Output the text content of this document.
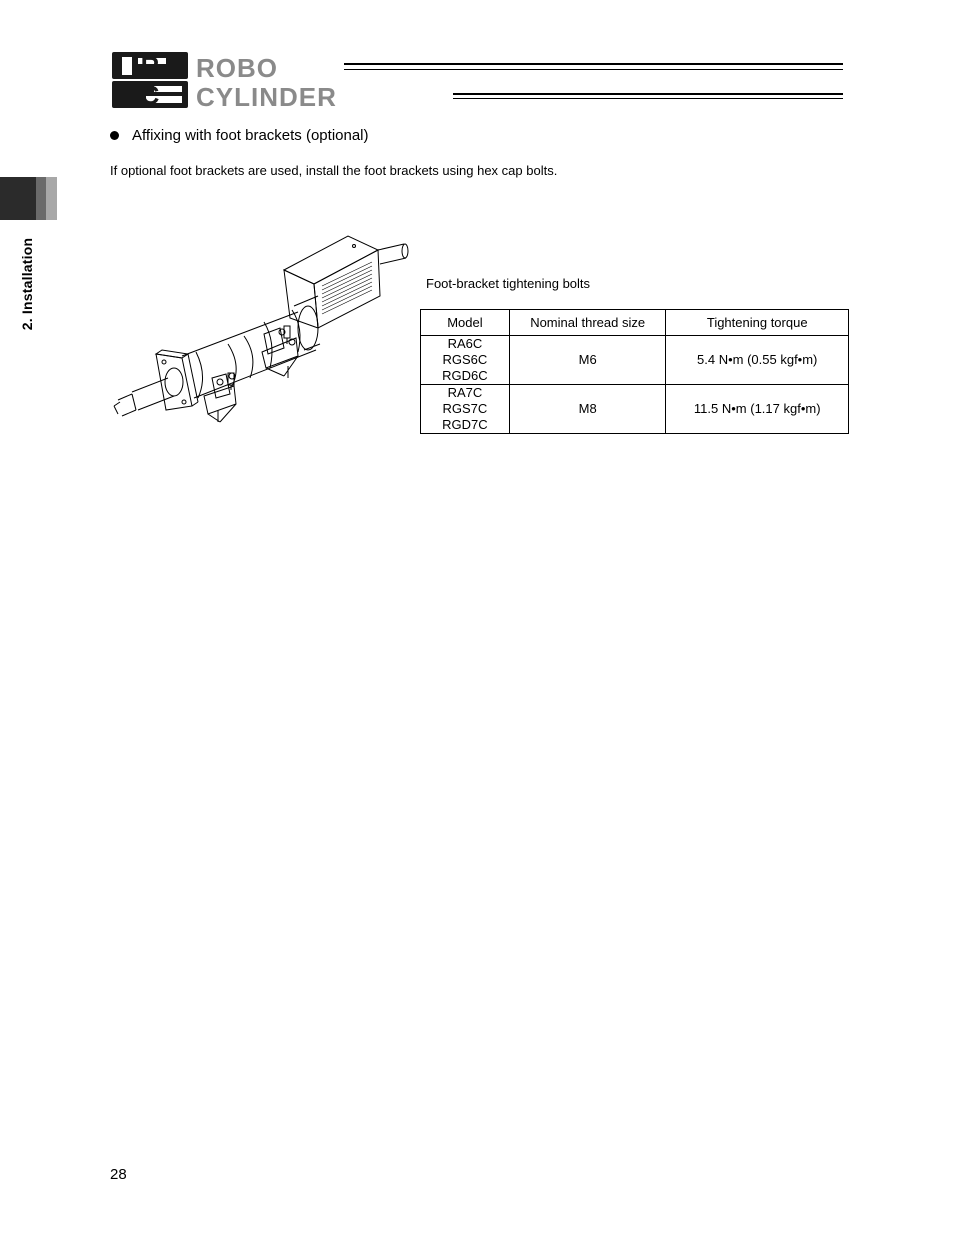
R
C
ROBO
CYLINDER
2. Installation
Affixing with foot brackets (optional)
If optional foot brackets are used, install the foot brackets using hex cap bolts.
Foot-bracket tightening bolts
Model	Nominal thread size	Tightening torque

RA6C
RGS6C
RGD6C	M6	5.4 N•m (0.55 kgf•m)

RA7C
RGS7C
RGD7C	M8	11.5 N•m (1.17 kgf•m)
28
